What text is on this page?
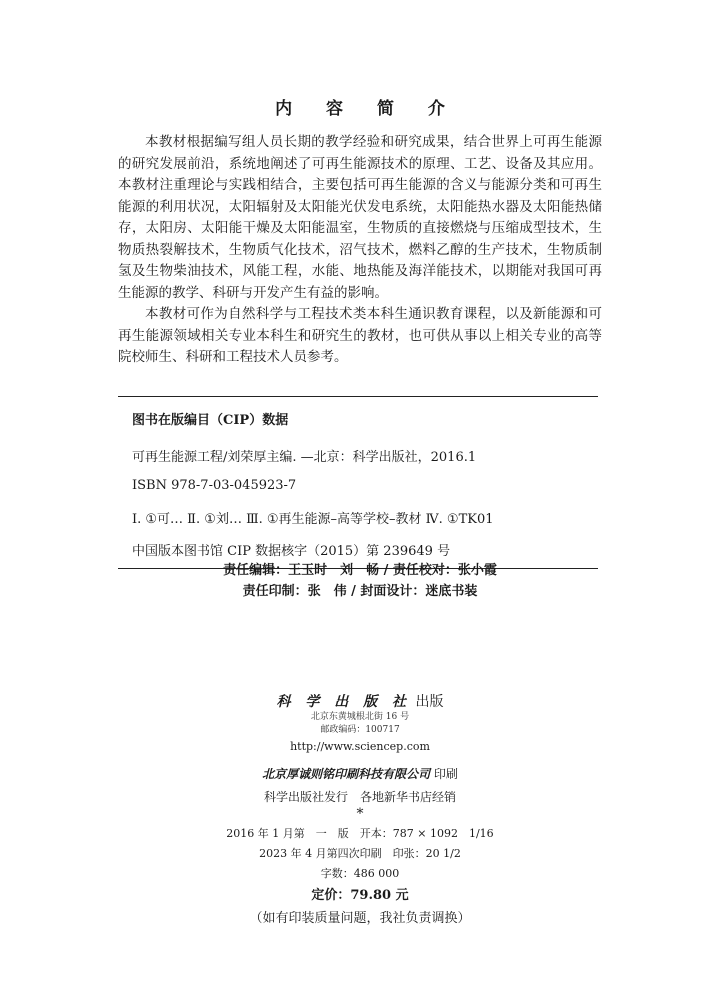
内 容 简 介

本教材根据编写组人员长期的教学经验和研究成果，结合世界上可再生能源的研究发展前沿，系统地阐述了可再生能源技术的原理、工艺、设备及其应用。本教材注重理论与实践相结合，主要包括可再生能源的含义与能源分类和可再生能源的利用状况，太阳辐射及太阳能光伏发电系统，太阳能热水器及太阳能热储存，太阳房、太阳能干燥及太阳能温室，生物质的直接燃烧与压缩成型技术，生物质热裂解技术，生物质气化技术，沼气技术，燃料乙醇的生产技术，生物质制氢及生物柴油技术，风能工程，水能、地热能及海洋能技术，以期能对我国可再生能源的教学、科研与开发产生有益的影响。

本教材可作为自然科学与工程技术类本科生通识教育课程，以及新能源和可再生能源领域相关专业本科生和研究生的教材，也可供从事以上相关专业的高等院校师生、科研和工程技术人员参考。

图书在版编目（CIP）数据
可再生能源工程/刘荣厚主编. —北京：科学出版社，2016.1
ISBN 978-7-03-045923-7
Ⅰ. ①可… Ⅱ. ①刘… Ⅲ. ①再生能源–高等学校–教材 Ⅳ. ①TK01
中国版本图书馆 CIP 数据核字（2015）第 239649 号
责任编辑：王玉时　刘　畅 / 责任校对：张小霞
责任印制：张　伟 / 封面设计：迷底书装
科 学 出 版 社 出版
北京东黄城根北街 16 号
邮政编码：100717
http://www.sciencep.com
北京厚诚则铭印刷科技有限公司 印刷
科学出版社发行　各地新华书店经销
*
2016 年 1 月第　一　版　开本：787 × 1092　1/16
2023 年 4 月第四次印刷　印张：20 1/2
字数：486 000
定价：79.80 元
（如有印装质量问题，我社负责调换）
